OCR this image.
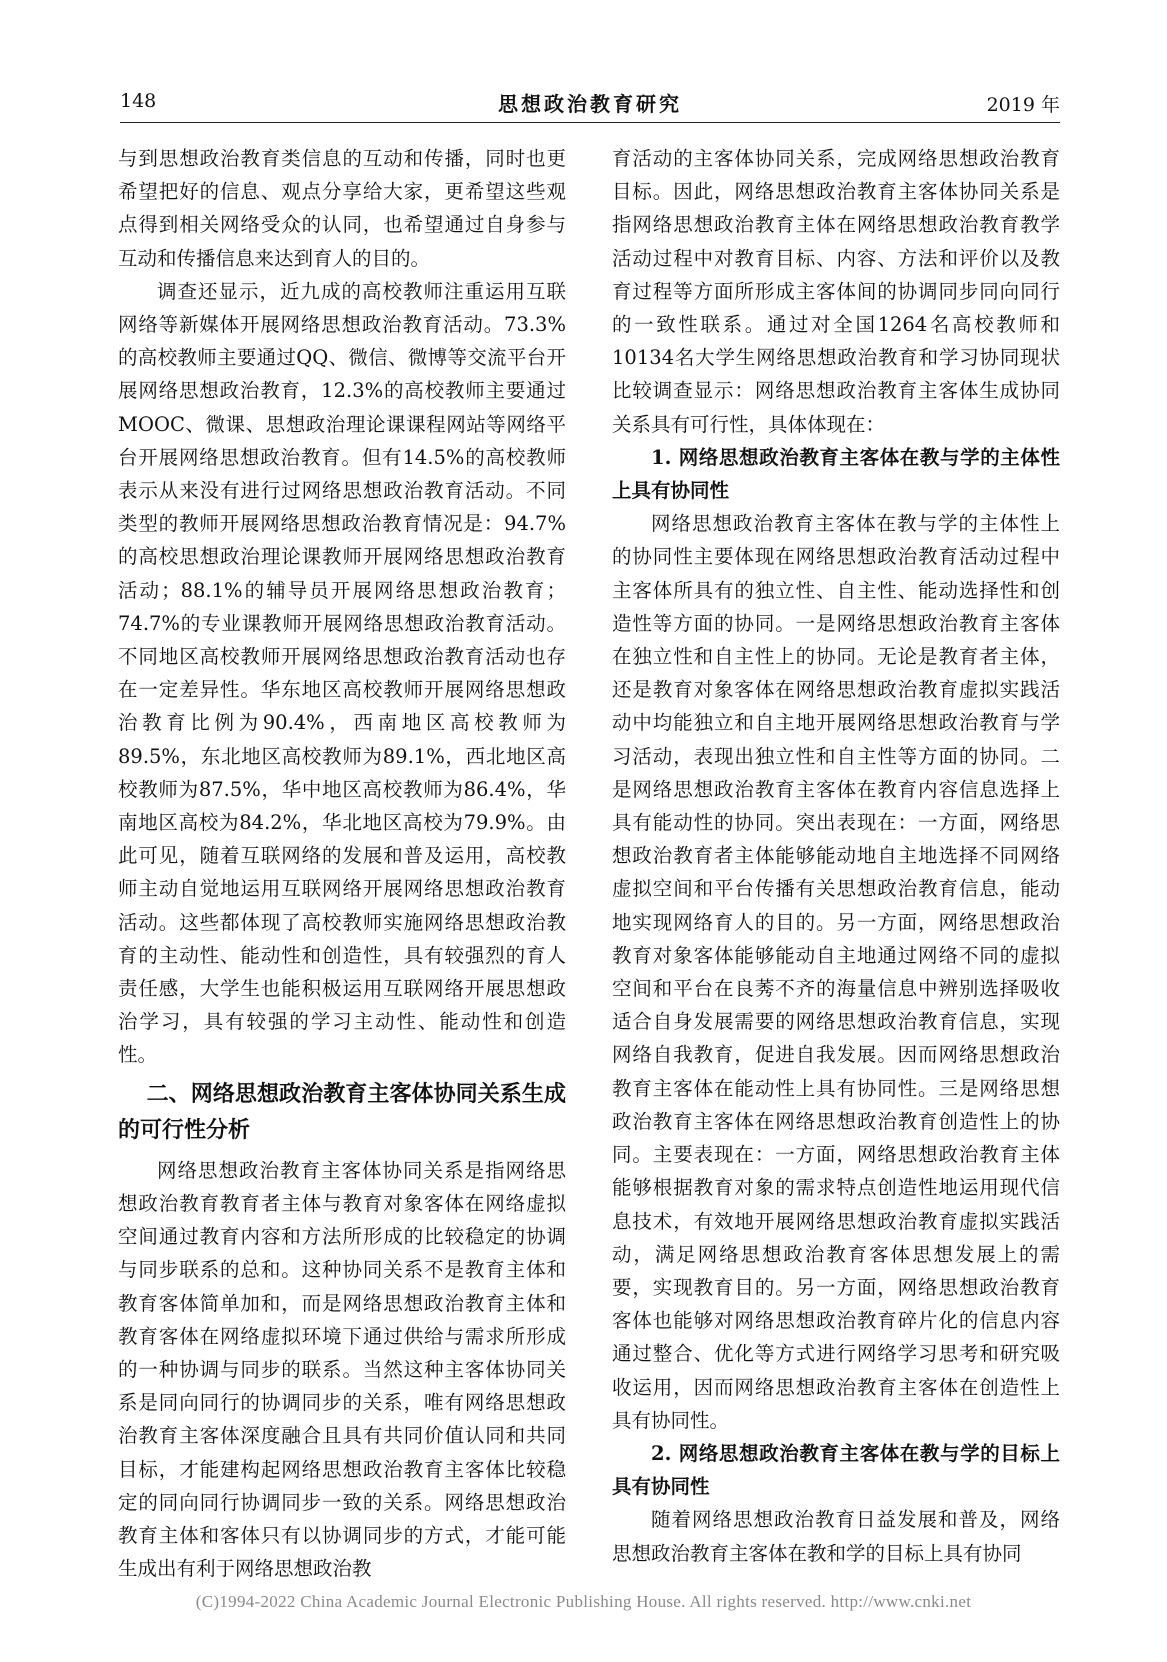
148	思想政治教育研究	2019 年

与到思想政治教育类信息的互动和传播，同时也更希望把好的信息、观点分享给大家，更希望这些观点得到相关网络受众的认同，也希望通过自身参与互动和传播信息来达到育人的目的。

调查还显示，近九成的高校教师注重运用互联网络等新媒体开展网络思想政治教育活动。73.3%的高校教师主要通过QQ、微信、微博等交流平台开展网络思想政治教育，12.3%的高校教师主要通过MOOC、微课、思想政治理论课课程网站等网络平台开展网络思想政治教育。但有14.5%的高校教师表示从来没有进行过网络思想政治教育活动。不同类型的教师开展网络思想政治教育情况是：94.7%的高校思想政治理论课教师开展网络思想政治教育活动；88.1%的辅导员开展网络思想政治教育；74.7%的专业课教师开展网络思想政治教育活动。不同地区高校教师开展网络思想政治教育活动也存在一定差异性。华东地区高校教师开展网络思想政治教育比例为90.4%，西南地区高校教师为89.5%，东北地区高校教师为89.1%，西北地区高校教师为87.5%，华中地区高校教师为86.4%，华南地区高校为84.2%，华北地区高校为79.9%。由此可见，随着互联网络的发展和普及运用，高校教师主动自觉地运用互联网络开展网络思想政治教育活动。这些都体现了高校教师实施网络思想政治教育的主动性、能动性和创造性，具有较强烈的育人责任感，大学生也能积极运用互联网络开展思想政治学习，具有较强的学习主动性、能动性和创造性。

二、网络思想政治教育主客体协同关系生成的可行性分析

网络思想政治教育主客体协同关系是指网络思想政治教育教育者主体与教育对象客体在网络虚拟空间通过教育内容和方法所形成的比较稳定的协调与同步联系的总和。这种协同关系不是教育主体和教育客体简单加和，而是网络思想政治教育主体和教育客体在网络虚拟环境下通过供给与需求所形成的一种协调与同步的联系。当然这种主客体协同关系是同向同行的协调同步的关系，唯有网络思想政治教育主客体深度融合且具有共同价值认同和共同目标，才能建构起网络思想政治教育主客体比较稳定的同向同行协调同步一致的关系。网络思想政治教育主体和客体只有以协调同步的方式，才能可能生成出有利于网络思想政治教

育活动的主客体协同关系，完成网络思想政治教育目标。因此，网络思想政治教育主客体协同关系是指网络思想政治教育主体在网络思想政治教育教学活动过程中对教育目标、内容、方法和评价以及教育过程等方面所形成主客体间的协调同步同向同行的一致性联系。通过对全国1264名高校教师和10134名大学生网络思想政治教育和学习协同现状比较调查显示：网络思想政治教育主客体生成协同关系具有可行性，具体体现在：

1. 网络思想政治教育主客体在教与学的主体性上具有协同性

网络思想政治教育主客体在教与学的主体性上的协同性主要体现在网络思想政治教育活动过程中主客体所具有的独立性、自主性、能动选择性和创造性等方面的协同。一是网络思想政治教育主客体在独立性和自主性上的协同。无论是教育者主体，还是教育对象客体在网络思想政治教育虚拟实践活动中均能独立和自主地开展网络思想政治教育与学习活动，表现出独立性和自主性等方面的协同。二是网络思想政治教育主客体在教育内容信息选择上具有能动性的协同。突出表现在：一方面，网络思想政治教育者主体能够能动地自主地选择不同网络虚拟空间和平台传播有关思想政治教育信息，能动地实现网络育人的目的。另一方面，网络思想政治教育对象客体能够能动自主地通过网络不同的虚拟空间和平台在良莠不齐的海量信息中辨别选择吸收适合自身发展需要的网络思想政治教育信息，实现网络自我教育，促进自我发展。因而网络思想政治教育主客体在能动性上具有协同性。三是网络思想政治教育主客体在网络思想政治教育创造性上的协同。主要表现在：一方面，网络思想政治教育主体能够根据教育对象的需求特点创造性地运用现代信息技术，有效地开展网络思想政治教育虚拟实践活动，满足网络思想政治教育客体思想发展上的需要，实现教育目的。另一方面，网络思想政治教育客体也能够对网络思想政治教育碎片化的信息内容通过整合、优化等方式进行网络学习思考和研究吸收运用，因而网络思想政治教育主客体在创造性上具有协同性。

2. 网络思想政治教育主客体在教与学的目标上具有协同性

随着网络思想政治教育日益发展和普及，网络思想政治教育主客体在教和学的目标上具有协同

(C)1994-2022 China Academic Journal Electronic Publishing House. All rights reserved. http://www.cnki.net
